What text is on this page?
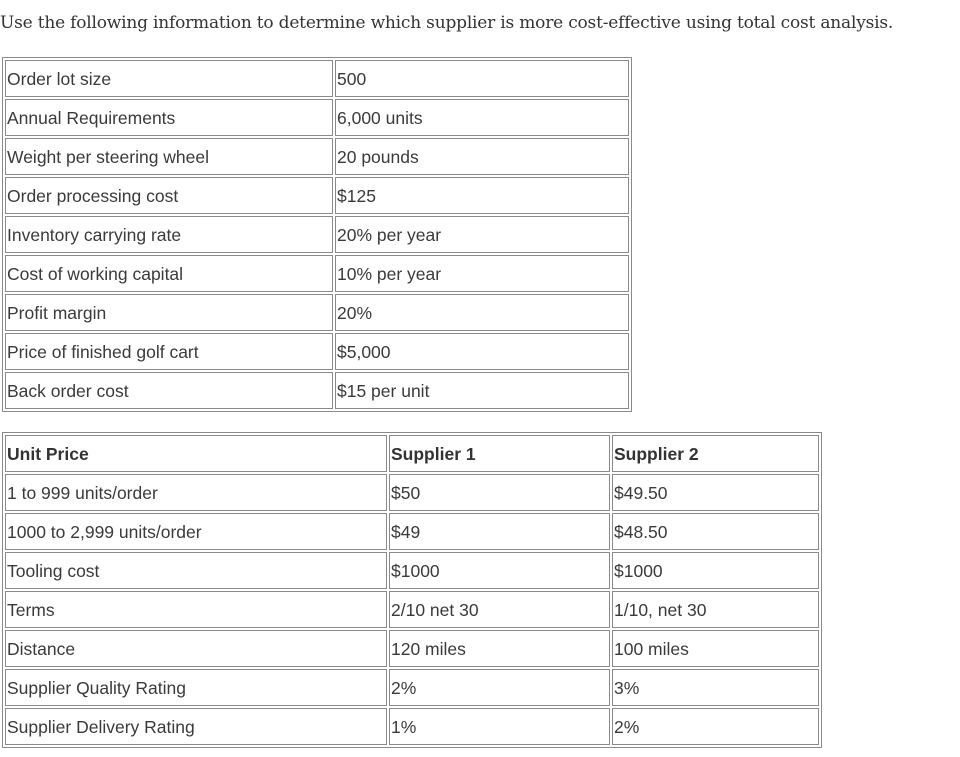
Use the following information to determine which supplier is more cost-effective using total cost analysis.

Order lot size	500
Annual Requirements	6,000 units
Weight per steering wheel	20 pounds
Order processing cost	$125
Inventory carrying rate	20% per year
Cost of working capital	10% per year
Profit margin	20%
Price of finished golf cart	$5,000
Back order cost	$15 per unit
Unit Price	Supplier 1	Supplier 2
1 to 999 units/order	$50	$49.50
1000 to 2,999 units/order	$49	$48.50
Tooling cost	$1000	$1000
Terms	2/10 net 30	1/10, net 30
Distance	120 miles	100 miles
Supplier Quality Rating	2%	3%
Supplier Delivery Rating	1%	2%
